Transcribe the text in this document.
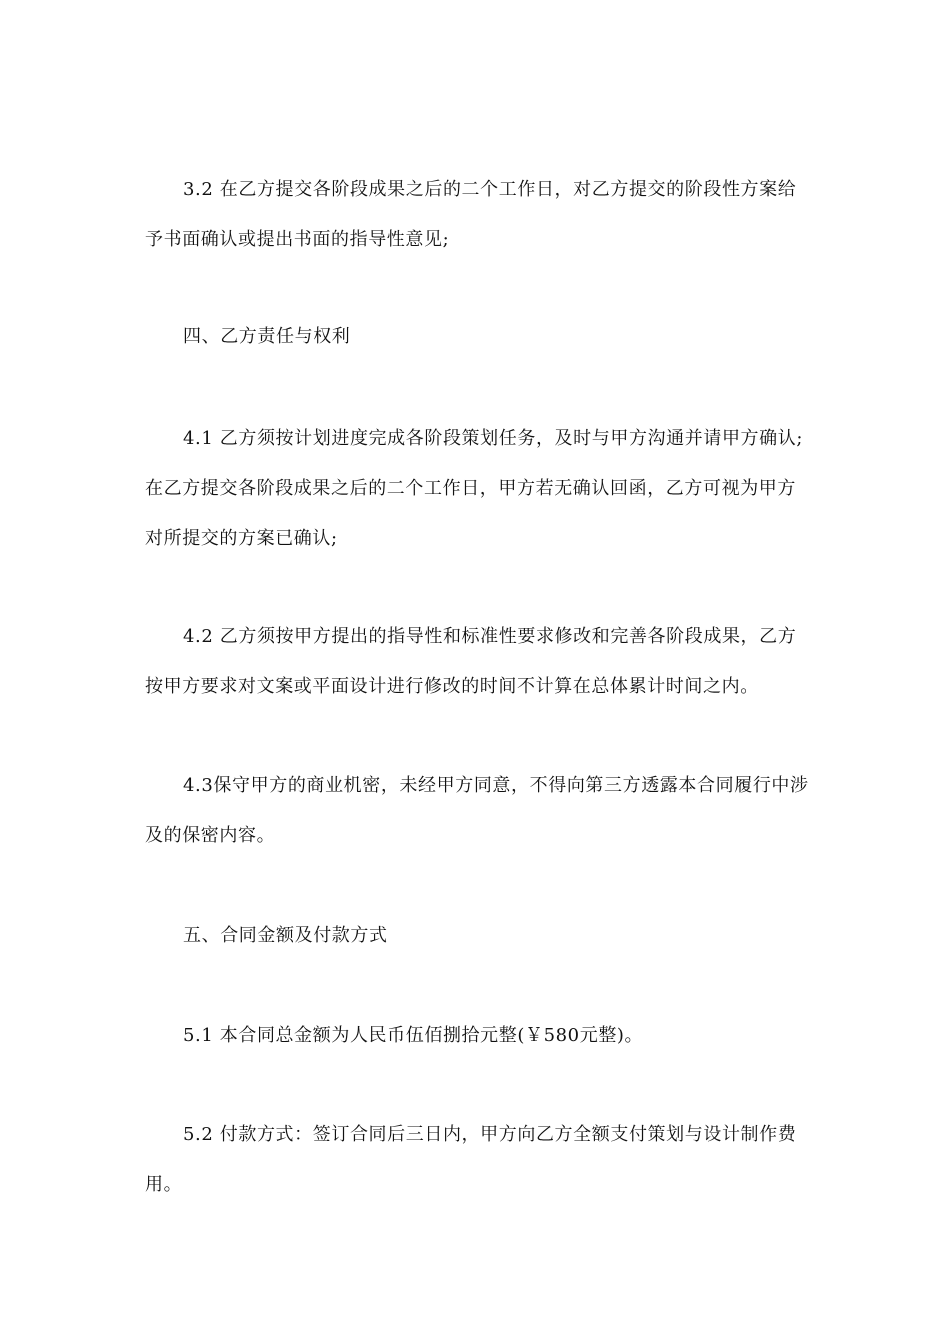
3.2 在乙方提交各阶段成果之后的二个工作日，对乙方提交的阶段性方案给予书面确认或提出书面的指导性意见;

四、乙方责任与权利

4.1 乙方须按计划进度完成各阶段策划任务，及时与甲方沟通并请甲方确认;在乙方提交各阶段成果之后的二个工作日，甲方若无确认回函，乙方可视为甲方对所提交的方案已确认;

4.2 乙方须按甲方提出的指导性和标准性要求修改和完善各阶段成果，乙方按甲方要求对文案或平面设计进行修改的时间不计算在总体累计时间之内。

4.3保守甲方的商业机密，未经甲方同意，不得向第三方透露本合同履行中涉及的保密内容。

五、合同金额及付款方式

5.1 本合同总金额为人民币伍佰捌拾元整(￥580元整)。

5.2 付款方式：签订合同后三日内，甲方向乙方全额支付策划与设计制作费用。
